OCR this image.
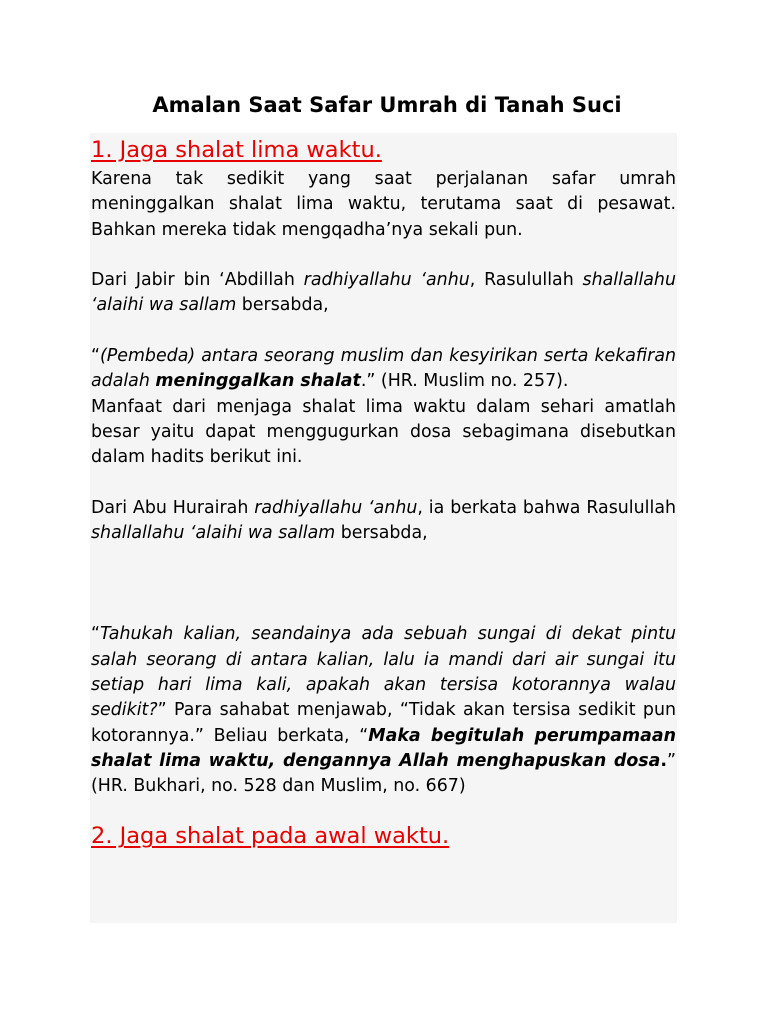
Amalan Saat Safar Umrah di Tanah Suci
1. Jaga shalat lima waktu.

Karena tak sedikit yang saat perjalanan safar umrah meninggalkan shalat lima waktu, terutama saat di pesawat. Bahkan mereka tidak mengqadha’nya sekali pun.

Dari Jabir bin ‘Abdillah radhiyallahu ‘anhu, Rasulullah shallallahu ‘alaihi wa sallam bersabda,

“(Pembeda) antara seorang muslim dan kesyirikan serta kekafiran adalah meninggalkan shalat.” (HR. Muslim no. 257).

Manfaat dari menjaga shalat lima waktu dalam sehari amatlah besar yaitu dapat menggugurkan dosa sebagimana disebutkan dalam hadits berikut ini.

Dari Abu Hurairah radhiyallahu ‘anhu, ia berkata bahwa Rasulullah shallallahu ‘alaihi wa sallam bersabda,

“Tahukah kalian, seandainya ada sebuah sungai di dekat pintu salah seorang di antara kalian, lalu ia mandi dari air sungai itu setiap hari lima kali, apakah akan tersisa kotorannya walau sedikit?” Para sahabat menjawab, “Tidak akan tersisa sedikit pun kotorannya.” Beliau berkata, “Maka begitulah perumpamaan shalat lima waktu, dengannya Allah menghapuskan dosa.” (HR. Bukhari, no. 528 dan Muslim, no. 667)

2. Jaga shalat pada awal waktu.
